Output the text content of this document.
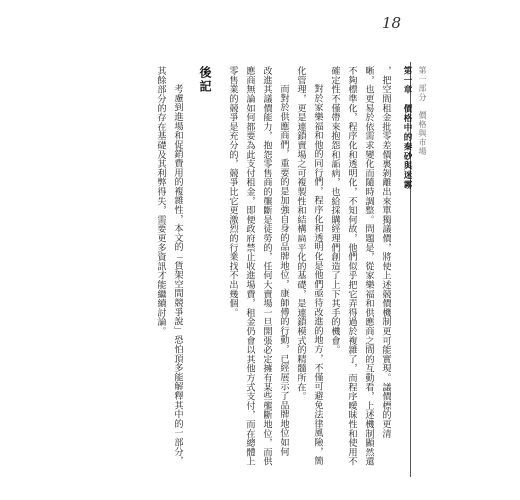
18
第一部分　價格與市場
第一章　價格中的秦砂與迷霧
，把空間租金批零差價裏剝離出來單獨議價，將使上述競價機制更可能實現。議價標的更清
晰，也更易於依需求變化而隨時調整。問題是，從家樂福和供應商之間的互動看，上述機制顯然還
不夠標準化，程序化和透明化，不知何故，他們似乎把它弄得過於複雜了，而程序曖昧性和使用不
確定性不僅帶來抱怨和詬病，也給採購經理們創造了上下其手的機會。
對於家樂福和他的同行們，程序化和透明化是他們亟待改進的地方，不僅可避免法律風險，簡
化管理，更是連鎖賣場之可複製性和結構扁平化的基礎，是連鎖模式的精髓所在。
而對於供應商們，重要的是加強自身的品牌地位，康師傅的行動，已經展示了品牌地位如何
改進其議價能力，抱怨零售商的壟斷是徒勞的，任何大賣場一旦開張必定擁有某些壟斷地位，而供
應商無論如何都要為此支付租金，即便政府禁止收進場費，租金仍會以其他方式支付，而在總體上
零售業的競爭是充分的，競爭比它更激烈的行業找不出幾個。
後記
考慮到進場和促銷費用的複雜性，本文的「貨架空間競爭說」恐怕頂多能解釋其中的一部分，
其餘部分的存在基礎及其利弊得失，需要更多資訊才能繼續討論。
